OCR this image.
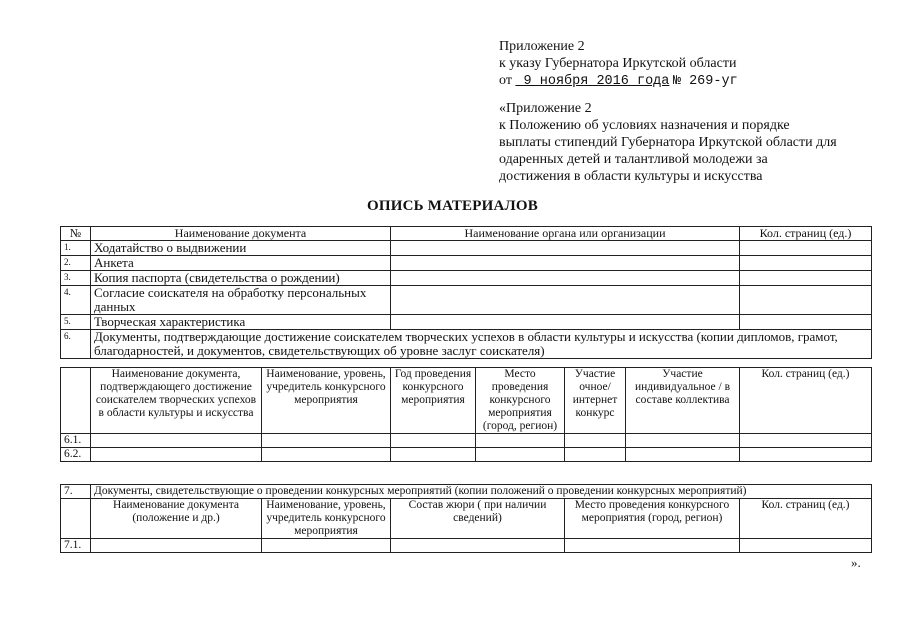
Приложение 2
к указу Губернатора Иркутской области
от 9 ноября 2016 года № 269-уг
«Приложение 2
к Положению об условиях назначения и порядке
выплаты стипендий Губернатора Иркутской области для
одаренных детей и талантливой молодежи за
достижения в области культуры и искусства
ОПИСЬ МАТЕРИАЛОВ
№	Наименование документа	Наименование органа или организации	Кол. страниц (ед.)
1.	Ходатайство о выдвижении		
2.	Анкета		
3.	Копия паспорта (свидетельства о рождении)		
4.	Согласие соискателя на обработку персональных данных		
5.	Творческая характеристика		
6.	Документы, подтверждающие достижение соискателем творческих успехов в области культуры и искусства (копии дипломов, грамот, благодарностей, и документов, свидетельствующих об уровне заслуг соискателя)		
	Наименование документа, подтверждающего достижение соискателем творческих успехов в области культуры и искусства	Наименование, уровень, учредитель конкурсного мероприятия	Год проведения конкурсного мероприятия	Место проведения конкурсного мероприятия (город, регион)	Участие очное/ интернет конкурс	Участие индивидуальное / в составе коллектива	Кол. страниц (ед.)
6.1.							
6.2.							
7.	Документы, свидетельствующие о проведении конкурсных мероприятий (копии положений о проведении конкурсных мероприятий)				
	Наименование документа (положение и др.)	Наименование, уровень, учредитель конкурсного мероприятия	Состав жюри ( при наличии сведений)	Место проведения конкурсного мероприятия (город, регион)	Кол. страниц (ед.)
7.1.					
».
